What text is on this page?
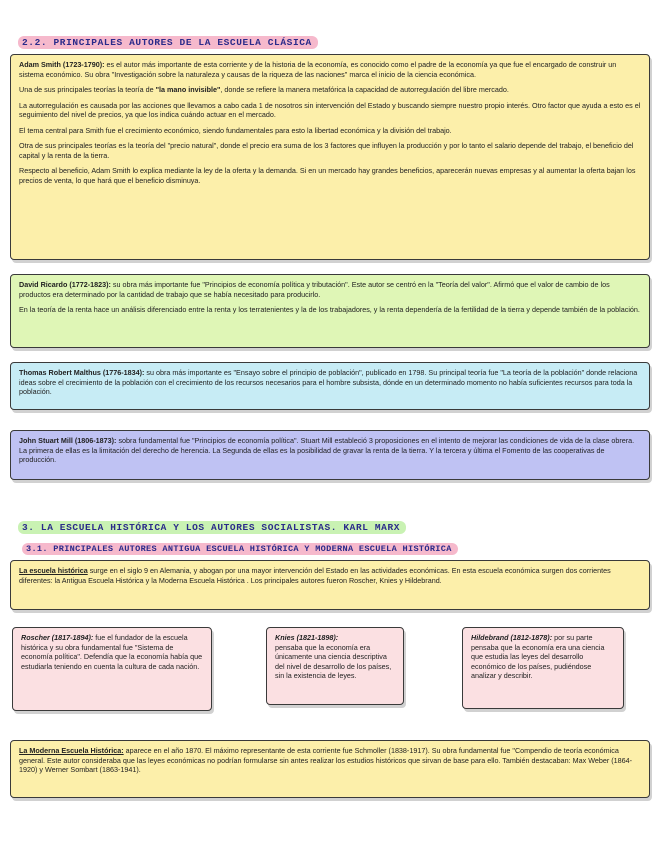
2.2. PRINCIPALES AUTORES DE LA ESCUELA CLÁSICA

Adam Smith (1723-1790): es el autor más importante de esta corriente y de la historia de la economía, es conocido como el padre de la economía ya que fue el encargado de construir un sistema económico. Su obra "Investigación sobre la naturaleza y causas de la riqueza de las naciones" marca el inicio de la ciencia económica.

Una de sus principales teorías la teoría de "la mano invisible", donde se refiere la manera metafórica la capacidad de autorregulación del libre mercado.

La autorregulación es causada por las acciones que llevamos a cabo cada 1 de nosotros sin intervención del Estado y buscando siempre nuestro propio interés. Otro factor que ayuda a esto es el seguimiento del nivel de precios, ya que los indica cuándo actuar en el mercado.

El tema central para Smith fue el crecimiento económico, siendo fundamentales para esto la libertad económica y la división del trabajo.

Otra de sus principales teorías es la teoría del "precio natural", donde el precio era suma de los 3 factores que influyen la producción y por lo tanto el salario depende del trabajo, el beneficio del capital y la renta de la tierra.

Respecto al beneficio, Adam Smith lo explica mediante la ley de la oferta y la demanda. Si en un mercado hay grandes beneficios, aparecerán nuevas empresas y al aumentar la oferta bajan los precios de venta, lo que hará que el beneficio disminuya.

David Ricardo (1772-1823): su obra más importante fue "Principios de economía política y tributación". Este autor se centró en la "Teoría del valor". Afirmó que el valor de cambio de los productos era determinado por la cantidad de trabajo que se había necesitado para producirlo.

En la teoría de la renta hace un análisis diferenciado entre la renta y los terratenientes y la de los trabajadores, y la renta dependería de la fertilidad de la tierra y depende también de la población.

Thomas Robert Malthus (1776-1834): su obra más importante es "Ensayo sobre el principio de población", publicado en 1798. Su principal teoría fue "La teoría de la población" donde relaciona ideas sobre el crecimiento de la población con el crecimiento de los recursos necesarios para el hombre subsista, dónde en un determinado momento no había suficientes recursos para toda la población.

John Stuart Mill (1806-1873): sobra fundamental fue "Principios de economía política". Stuart Mill estableció 3 proposiciones en el intento de mejorar las condiciones de vida de la clase obrera. La primera de ellas es la limitación del derecho de herencia. La Segunda de ellas es la posibilidad de gravar la renta de la tierra. Y la tercera y última el Fomento de las cooperativas de producción.

3. LA ESCUELA HISTÓRICA Y LOS AUTORES SOCIALISTAS. KARL MARX
3.1. PRINCIPALES AUTORES ANTIGUA ESCUELA HISTÓRICA Y MODERNA ESCUELA HISTÓRICA

La escuela histórica surge en el siglo 9 en Alemania, y abogan por una mayor intervención del Estado en las actividades económicas. En esta escuela económica surgen dos corrientes diferentes: la Antigua Escuela Histórica y la Moderna Escuela Histórica . Los principales autores fueron Roscher, Knies y Hildebrand.

Roscher (1817-1894): fue el fundador de la escuela histórica y su obra fundamental fue "Sistema de economía política". Defendía que la economía había que estudiarla teniendo en cuenta la cultura de cada nación.

Knies (1821-1898):
pensaba que la economía era únicamente una ciencia descriptiva del nivel de desarrollo de los países, sin la existencia de leyes.

Hildebrand (1812-1878): por su parte pensaba que la economía era una ciencia que estudia las leyes del desarrollo económico de los países, pudiéndose analizar y describir.

La Moderna Escuela Histórica: aparece en el año 1870. El máximo representante de esta corriente fue Schmoller (1838-1917). Su obra fundamental fue "Compendio de teoría económica general. Este autor consideraba que las leyes económicas no podrían formularse sin antes realizar los estudios históricos que sirvan de base para ello. También destacaban: Max Weber (1864-1920) y Werner Sombart (1863-1941).
